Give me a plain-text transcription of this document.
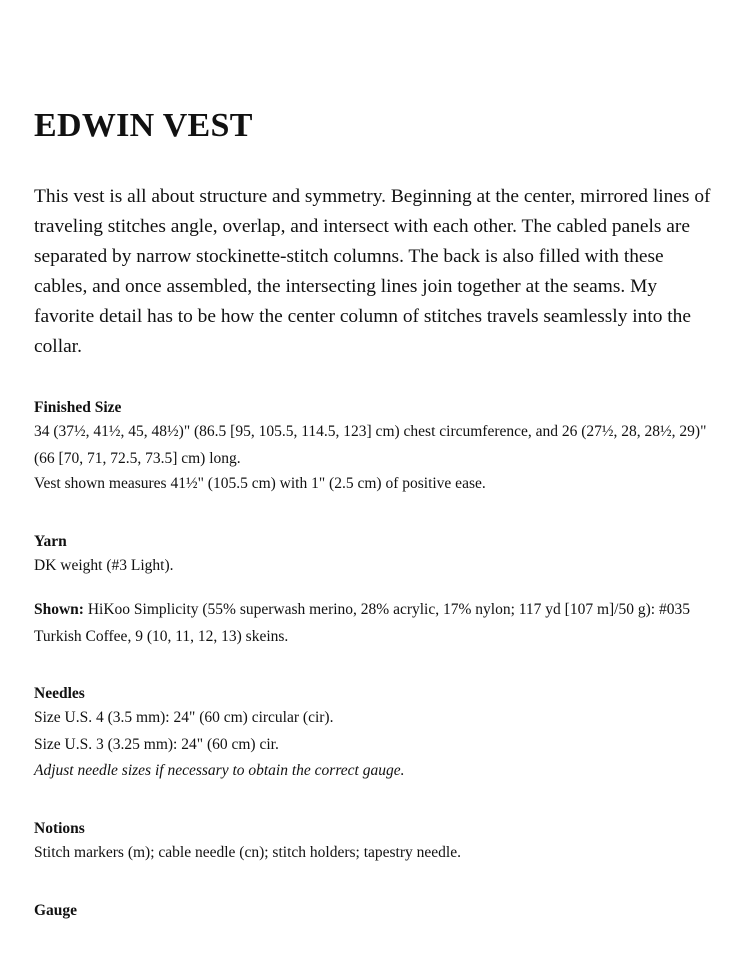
EDWIN VEST

This vest is all about structure and symmetry. Beginning at the center, mirrored lines of traveling stitches angle, overlap, and intersect with each other. The cabled panels are separated by narrow stockinette-stitch columns. The back is also filled with these cables, and once assembled, the intersecting lines join together at the seams. My favorite detail has to be how the center column of stitches travels seamlessly into the collar.

Finished Size

34 (37½, 41½, 45, 48½)" (86.5 [95, 105.5, 114.5, 123] cm) chest circumference, and 26 (27½, 28, 28½, 29)" (66 [70, 71, 72.5, 73.5] cm) long.

Vest shown measures 41½" (105.5 cm) with 1" (2.5 cm) of positive ease.
Yarn
DK weight (#3 Light).

Shown: HiKoo Simplicity (55% superwash merino, 28% acrylic, 17% nylon; 117 yd [107 m]/50 g): #035 Turkish Coffee, 9 (10, 11, 12, 13) skeins.

Needles
Size U.S. 4 (3.5 mm): 24" (60 cm) circular (cir).
Size U.S. 3 (3.25 mm): 24" (60 cm) cir.
Adjust needle sizes if necessary to obtain the correct gauge.
Notions
Stitch markers (m); cable needle (cn); stitch holders; tapestry needle.
Gauge
